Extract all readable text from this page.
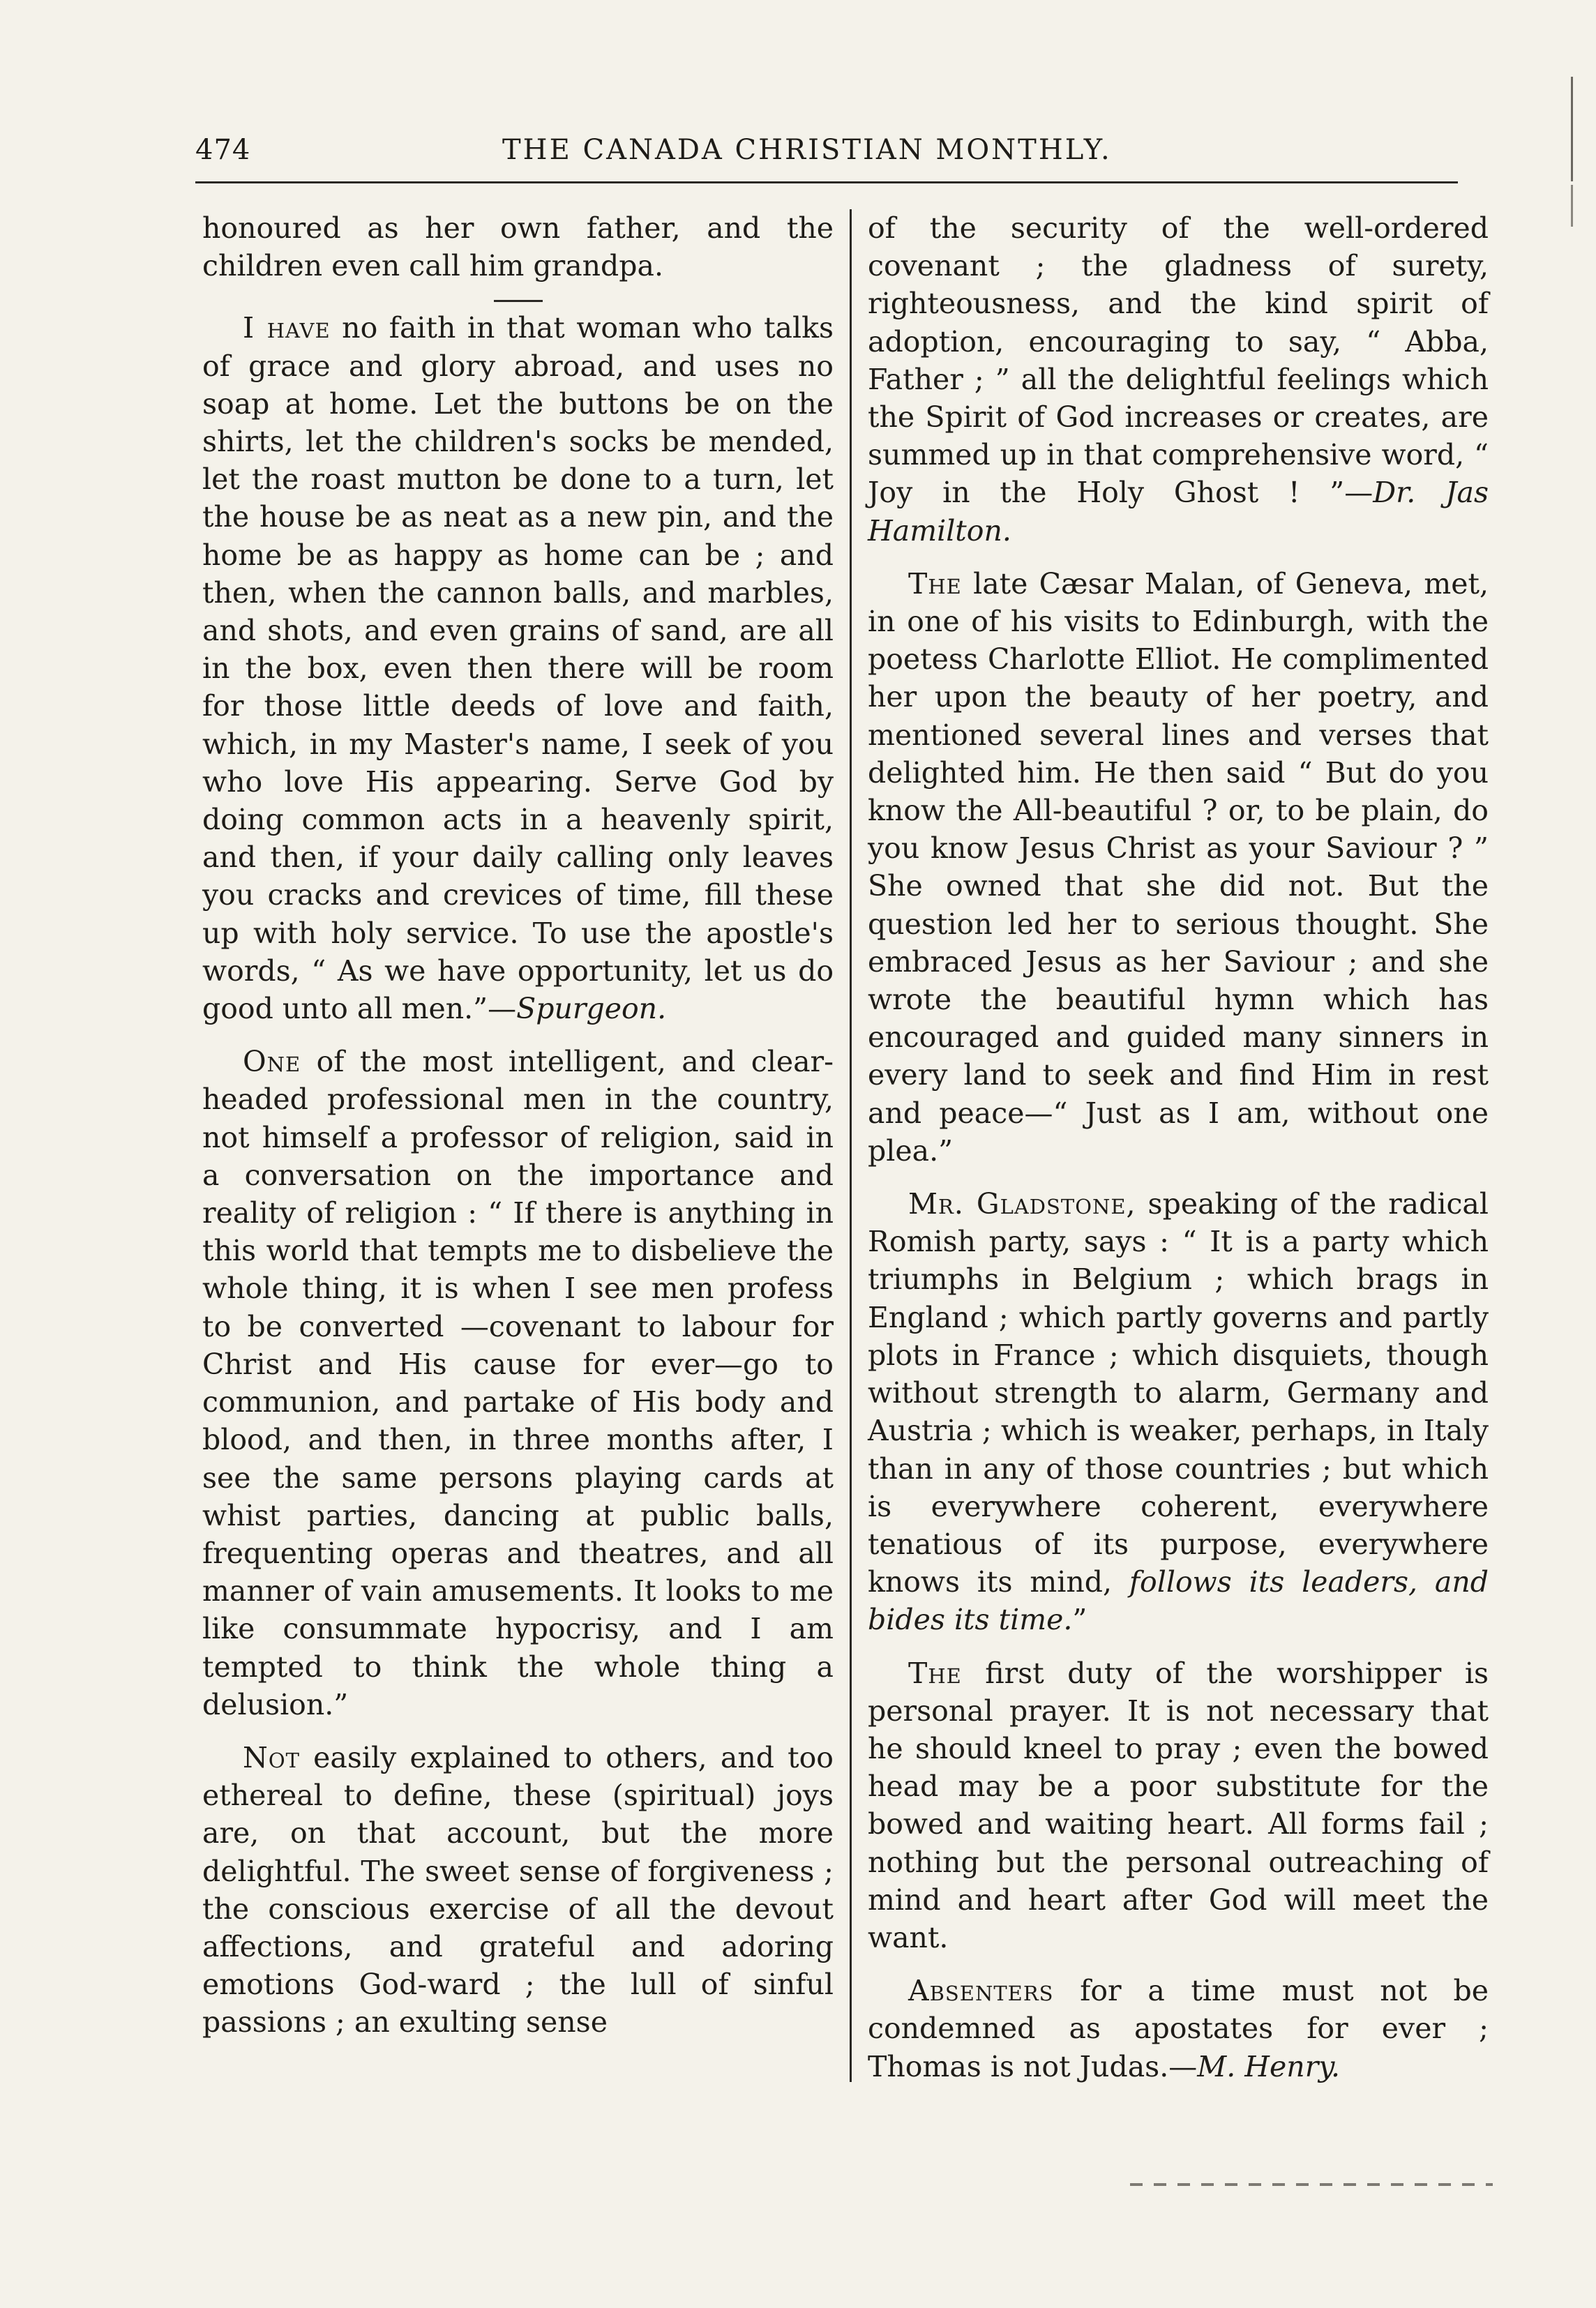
474	THE CANADA CHRISTIAN MONTHLY.

honoured as her own father, and the children even call him grandpa.

I have no faith in that woman who talks of grace and glory abroad, and uses no soap at home. Let the buttons be on the shirts, let the children's socks be mended, let the roast mutton be done to a turn, let the house be as neat as a new pin, and the home be as happy as home can be ; and then, when the cannon balls, and marbles, and shots, and even grains of sand, are all in the box, even then there will be room for those little deeds of love and faith, which, in my Master's name, I seek of you who love His appearing. Serve God by doing common acts in a heavenly spirit, and then, if your daily calling only leaves you cracks and crevices of time, fill these up with holy service. To use the apostle's words, “ As we have opportunity, let us do good unto all men.”—Spurgeon.

One of the most intelligent, and clear-headed professional men in the country, not himself a professor of religion, said in a conversation on the importance and reality of religion : “ If there is anything in this world that tempts me to disbelieve the whole thing, it is when I see men profess to be converted —covenant to labour for Christ and His cause for ever—go to communion, and partake of His body and blood, and then, in three months after, I see the same persons playing cards at whist parties, dancing at public balls, frequenting operas and theatres, and all manner of vain amusements. It looks to me like consummate hypocrisy, and I am tempted to think the whole thing a delusion.”

Not easily explained to others, and too ethereal to define, these (spiritual) joys are, on that account, but the more delightful. The sweet sense of forgiveness ; the conscious exercise of all the devout affections, and grateful and adoring emotions God-ward ; the lull of sinful passions ; an exulting sense

of the security of the well-ordered covenant ; the gladness of surety, righteousness, and the kind spirit of adoption, encouraging to say, “ Abba, Father ; ” all the delightful feelings which the Spirit of God increases or creates, are summed up in that comprehensive word, “ Joy in the Holy Ghost ! ”—Dr. Jas Hamilton.

The late Cæsar Malan, of Geneva, met, in one of his visits to Edinburgh, with the poetess Charlotte Elliot. He complimented her upon the beauty of her poetry, and mentioned several lines and verses that delighted him. He then said “ But do you know the All-beautiful ? or, to be plain, do you know Jesus Christ as your Saviour ? ” She owned that she did not. But the question led her to serious thought. She embraced Jesus as her Saviour ; and she wrote the beautiful hymn which has encouraged and guided many sinners in every land to seek and find Him in rest and peace—“ Just as I am, without one plea.”

Mr. Gladstone, speaking of the radical Romish party, says : “ It is a party which triumphs in Belgium ; which brags in England ; which partly governs and partly plots in France ; which disquiets, though without strength to alarm, Germany and Austria ; which is weaker, perhaps, in Italy than in any of those countries ; but which is everywhere coherent, everywhere tenatious of its purpose, everywhere knows its mind, follows its leaders, and bides its time.”

The first duty of the worshipper is personal prayer. It is not necessary that he should kneel to pray ; even the bowed head may be a poor substitute for the bowed and waiting heart. All forms fail ; nothing but the personal outreaching of mind and heart after God will meet the want.

Absenters for a time must not be condemned as apostates for ever ; Thomas is not Judas.—M. Henry.
